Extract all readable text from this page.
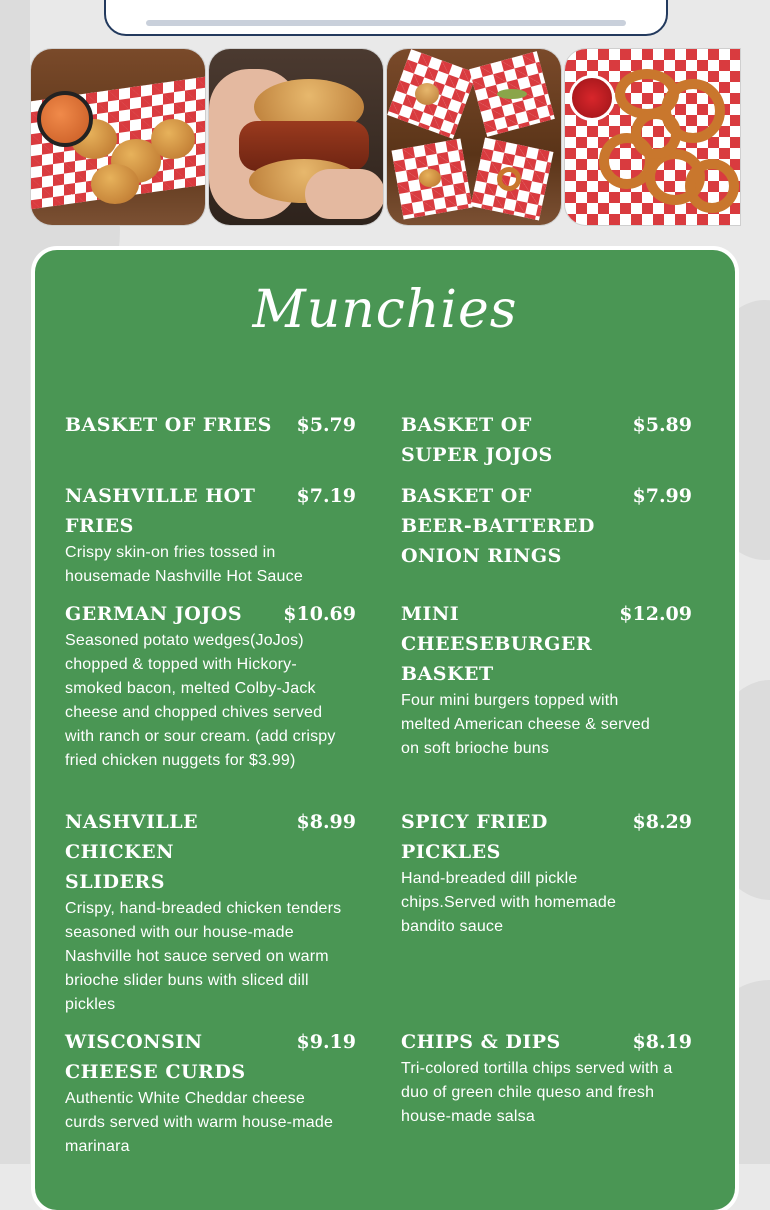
Munchies
BASKET OF FRIES $5.79
NASHVILLE HOT FRIES
$7.19
Crispy skin-on fries tossed in housemade Nashville Hot Sauce
GERMAN JOJOS	$10.69
Seasoned potato wedges(JoJos) chopped & topped with Hickory-smoked bacon, melted Colby-Jack cheese and chopped chives served with ranch or sour cream. (add crispy fried chicken nuggets for $3.99)
NASHVILLE CHICKEN SLIDERS
$8.99
Crispy, hand-breaded chicken tenders seasoned with our house-made Nashville hot sauce served on warm brioche slider buns with sliced dill pickles
WISCONSIN CHEESE CURDS
$9.19
Authentic White Cheddar cheese curds served with warm house-made marinara
BASKET OF SUPER JOJOS
$5.89
BASKET OF BEER-BATTERED ONION RINGS
$7.99
MINI CHEESEBURGER BASKET
$12.09
Four mini burgers topped with melted American cheese & served on soft brioche buns
SPICY FRIED PICKLES
$8.29
Hand-breaded dill pickle chips.Served with homemade bandito sauce
CHIPS & DIPS	$8.19
Tri-colored tortilla chips served with a duo of green chile queso and fresh house-made salsa
